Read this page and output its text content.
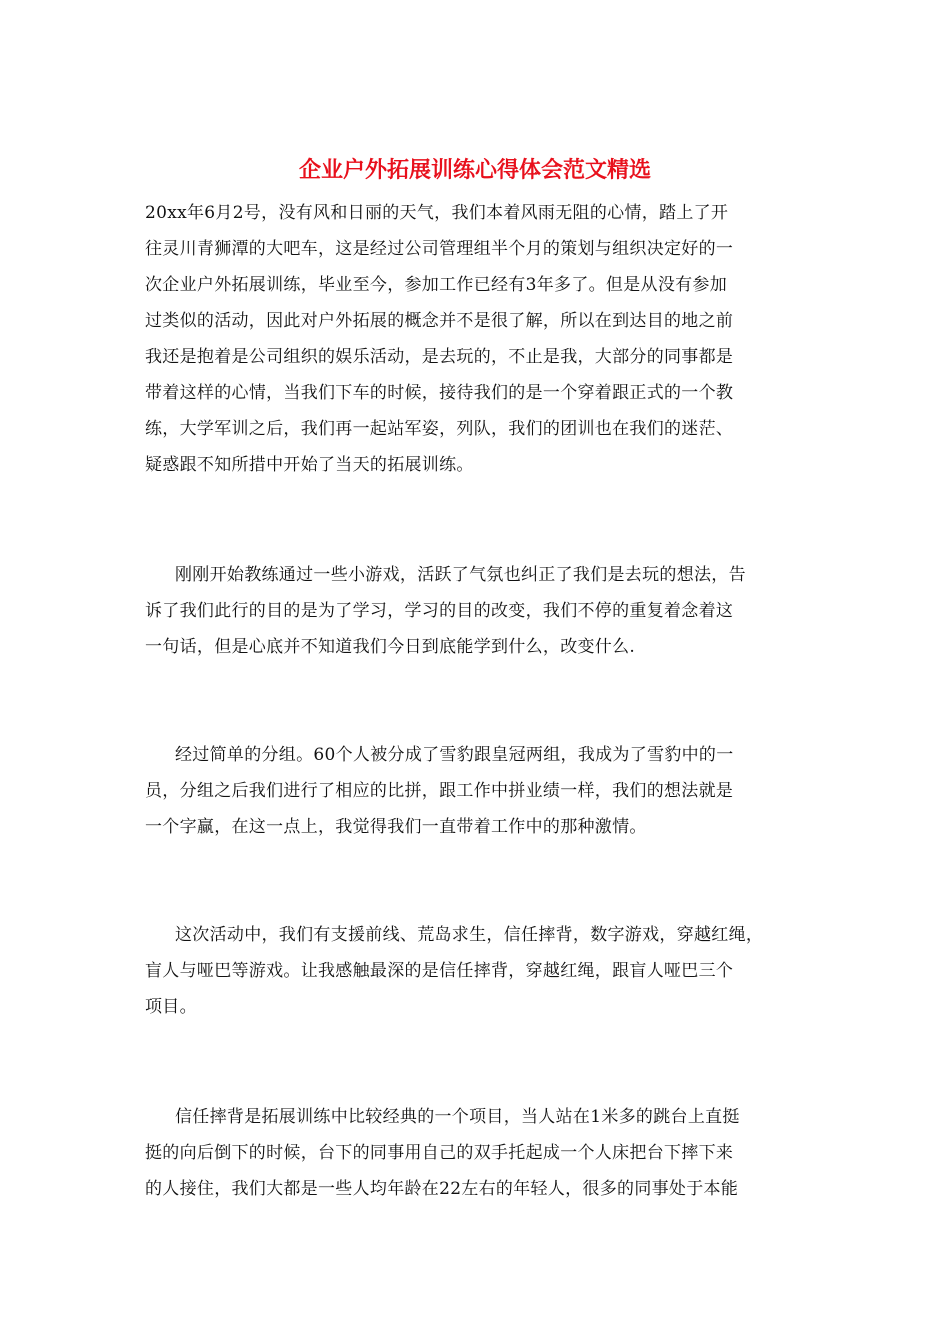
企业户外拓展训练心得体会范文精选
20xx年6月2号，没有风和日丽的天气，我们本着风雨无阻的心情，踏上了开
往灵川青狮潭的大吧车，这是经过公司管理组半个月的策划与组织决定好的一
次企业户外拓展训练，毕业至今，参加工作已经有3年多了。但是从没有参加
过类似的活动，因此对户外拓展的概念并不是很了解，所以在到达目的地之前
我还是抱着是公司组织的娱乐活动，是去玩的，不止是我，大部分的同事都是
带着这样的心情，当我们下车的时候，接待我们的是一个穿着跟正式的一个教
练，大学军训之后，我们再一起站军姿，列队，我们的团训也在我们的迷茫、
疑惑跟不知所措中开始了当天的拓展训练。
刚刚开始教练通过一些小游戏，活跃了气氛也纠正了我们是去玩的想法，告
诉了我们此行的目的是为了学习，学习的目的改变，我们不停的重复着念着这
一句话，但是心底并不知道我们今日到底能学到什么，改变什么.
经过简单的分组。60个人被分成了雪豹跟皇冠两组，我成为了雪豹中的一
员，分组之后我们进行了相应的比拼，跟工作中拼业绩一样，我们的想法就是
一个字赢，在这一点上，我觉得我们一直带着工作中的那种激情。
这次活动中，我们有支援前线、荒岛求生，信任摔背，数字游戏，穿越红绳，
盲人与哑巴等游戏。让我感触最深的是信任摔背，穿越红绳，跟盲人哑巴三个
项目。
信任摔背是拓展训练中比较经典的一个项目，当人站在1米多的跳台上直挺
挺的向后倒下的时候，台下的同事用自己的双手托起成一个人床把台下摔下来
的人接住，我们大都是一些人均年龄在22左右的年轻人，很多的同事处于本能
